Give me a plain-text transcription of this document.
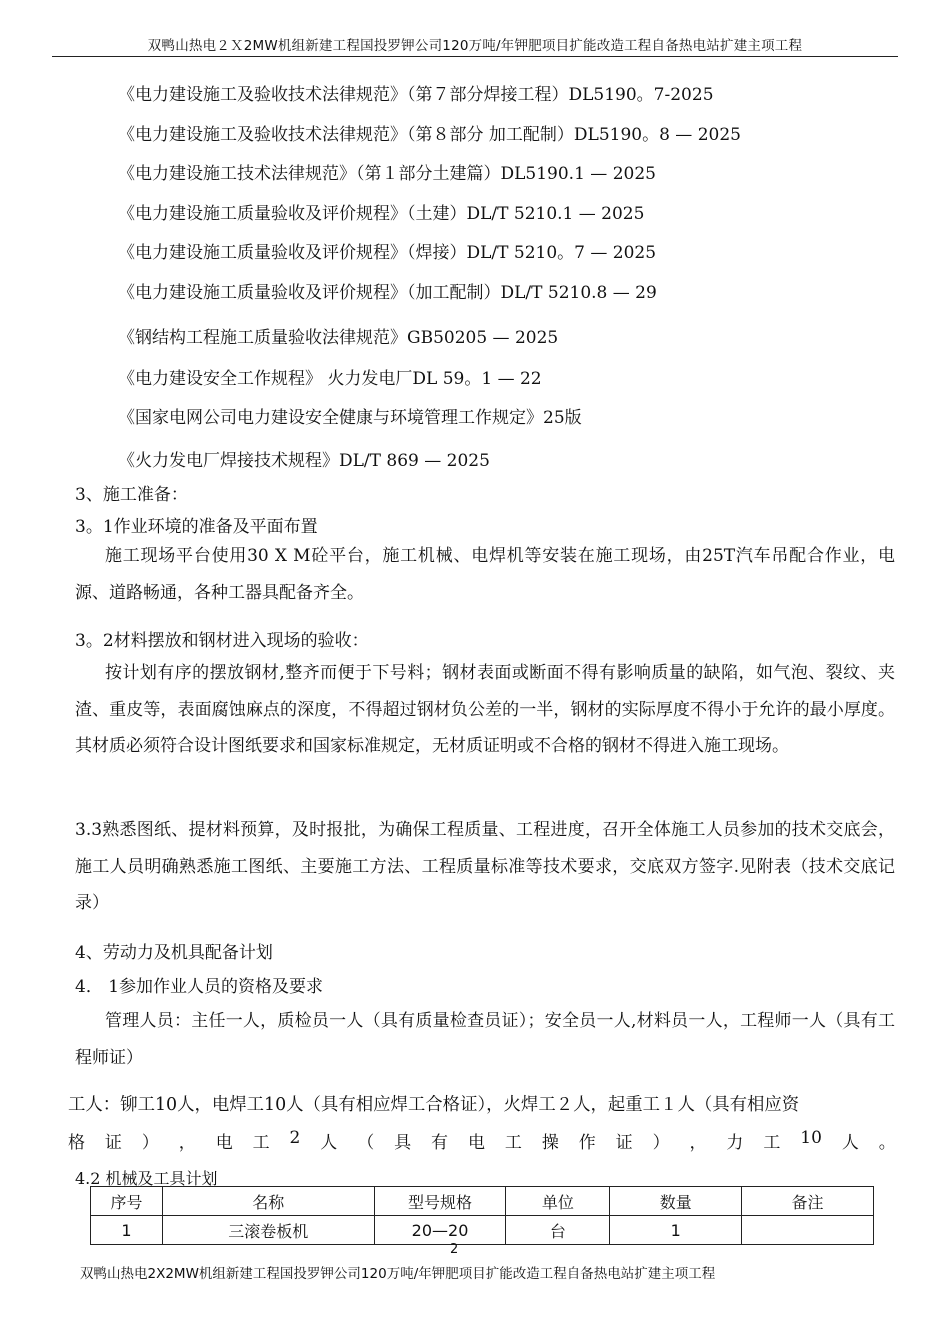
双鸭山热电２Ｘ2MW机组新建工程国投罗钾公司120万吨/年钾肥项目扩能改造工程自备热电站扩建主项工程
《电力建设施工及验收技术法律规范》（第７部分焊接工程）DL5190。7-2025
《电力建设施工及验收技术法律规范》（第８部分 加工配制）DL5190。8 — 2025
《电力建设施工技术法律规范》（第１部分土建篇）DL5190.1 — 2025
《电力建设施工质量验收及评价规程》（土建）DL/T 5210.1 — 2025
《电力建设施工质量验收及评价规程》（焊接）DL/T 5210。7 — 2025
《电力建设施工质量验收及评价规程》（加工配制）DL/T 5210.8 — 29
《钢结构工程施工质量验收法律规范》GB50205 — 2025
《电力建设安全工作规程》 火力发电厂DL 59。1 — 22
《国家电网公司电力建设安全健康与环境管理工作规定》25版
《火力发电厂焊接技术规程》DL/T 869 — 2025
3、施工准备：
3。1作业环境的准备及平面布置
施工现场平台使用30 X M砼平台，施工机械、电焊机等安装在施工现场，由25T汽车吊配合作业，电源、道路畅通，各种工器具配备齐全。
3。2材料摆放和钢材进入现场的验收：
按计划有序的摆放钢材,整齐而便于下号料；钢材表面或断面不得有影响质量的缺陷，如气泡、裂纹、夹渣、重皮等，表面腐蚀麻点的深度，不得超过钢材负公差的一半，钢材的实际厚度不得小于允许的最小厚度。其材质必须符合设计图纸要求和国家标准规定，无材质证明或不合格的钢材不得进入施工现场。
3.3熟悉图纸、提材料预算，及时报批，为确保工程质量、工程进度，召开全体施工人员参加的技术交底会，施工人员明确熟悉施工图纸、主要施工方法、工程质量标准等技术要求，交底双方签字.见附表（技术交底记录）
4、劳动力及机具配备计划
4． 1参加作业人员的资格及要求
管理人员：主任一人，质检员一人（具有质量检查员证）；安全员一人,材料员一人，工程师一人（具有工程师证）
工人：铆工10人，电焊工10人（具有相应焊工合格证），火焊工２人，起重工１人（具有相应资
格 证 ） ， 电 工 2 人 （ 具 有 电 工 操 作 证 ） ， 力 工 10 人 。
4.2 机械及工具计划
序号	名称	型号规格	单位	数量	备注
1	三滚卷板机	20—20	台	1	
2
双鸭山热电2X2MW机组新建工程国投罗钾公司120万吨/年钾肥项目扩能改造工程自备热电站扩建主项工程
